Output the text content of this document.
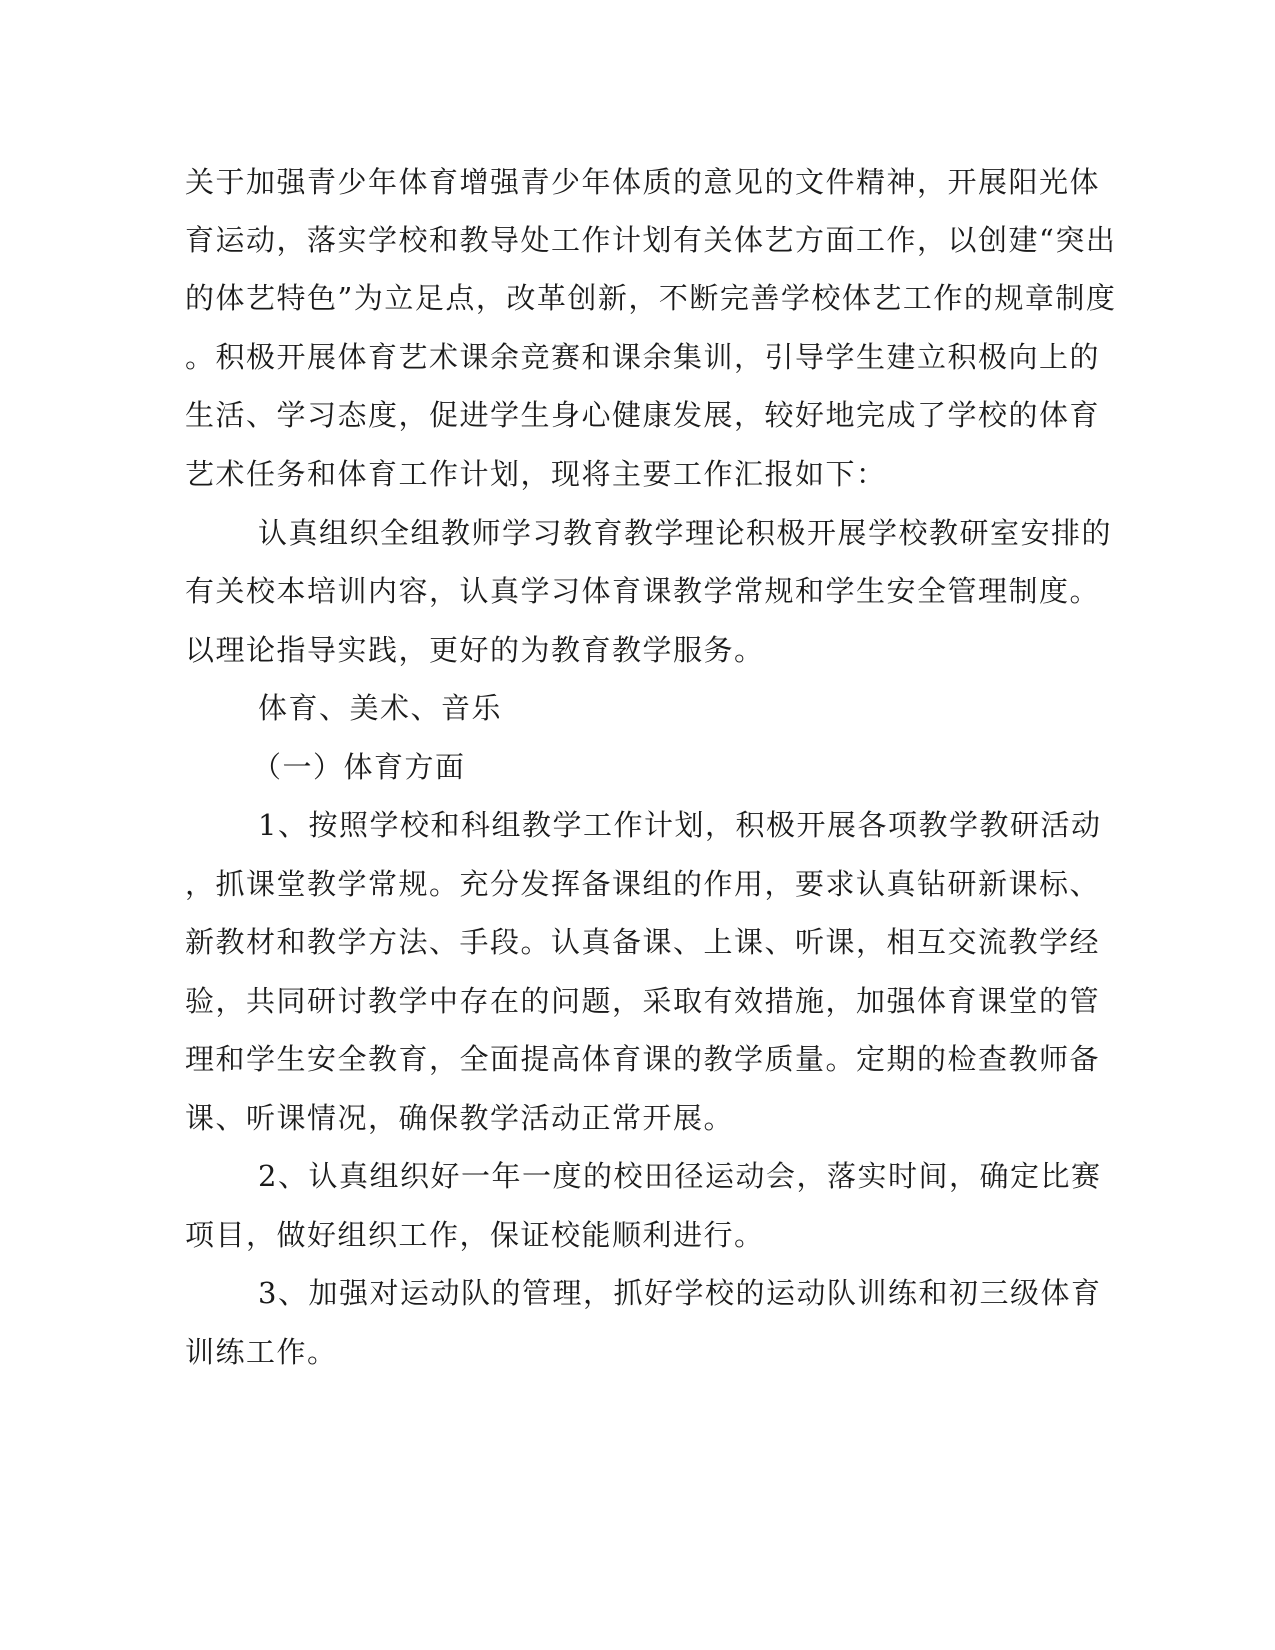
关于加强青少年体育增强青少年体质的意见的文件精神，开展阳光体
育运动，落实学校和教导处工作计划有关体艺方面工作，以创建“突出
的体艺特色”为立足点，改革创新，不断完善学校体艺工作的规章制度
。积极开展体育艺术课余竞赛和课余集训，引导学生建立积极向上的
生活、学习态度，促进学生身心健康发展，较好地完成了学校的体育
艺术任务和体育工作计划，现将主要工作汇报如下：
认真组织全组教师学习教育教学理论积极开展学校教研室安排的
有关校本培训内容，认真学习体育课教学常规和学生安全管理制度。
以理论指导实践，更好的为教育教学服务。
体育、美术、音乐
（一）体育方面
1、按照学校和科组教学工作计划，积极开展各项教学教研活动
，抓课堂教学常规。充分发挥备课组的作用，要求认真钻研新课标、
新教材和教学方法、手段。认真备课、上课、听课，相互交流教学经
验，共同研讨教学中存在的问题，采取有效措施，加强体育课堂的管
理和学生安全教育，全面提高体育课的教学质量。定期的检查教师备
课、听课情况，确保教学活动正常开展。
2、认真组织好一年一度的校田径运动会，落实时间，确定比赛
项目，做好组织工作，保证校能顺利进行。
3、加强对运动队的管理，抓好学校的运动队训练和初三级体育
训练工作。
